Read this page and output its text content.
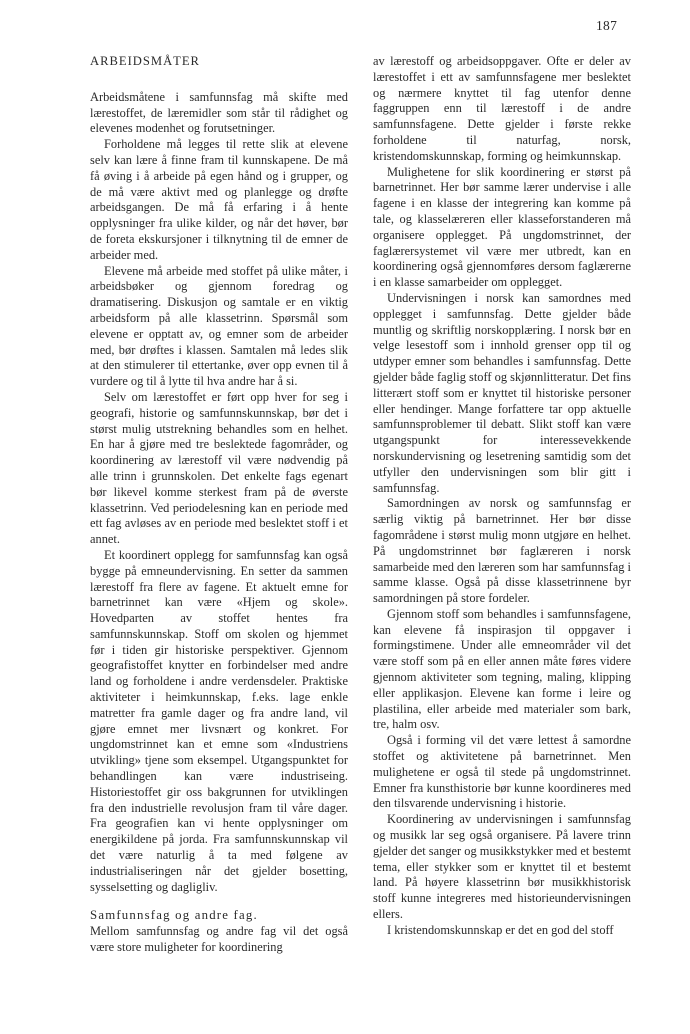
187
ARBEIDSMÅTER

Arbeidsmåtene i samfunnsfag må skifte med lærestoffet, de læremidler som står til rådighet og elevenes modenhet og forutsetninger.

Forholdene må legges til rette slik at elevene selv kan lære å finne fram til kunnskapene. De må få øving i å arbeide på egen hånd og i grupper, og de må være aktivt med og planlegge og drøfte arbeidsgangen. De må få erfaring i å hente opplysninger fra ulike kilder, og når det høver, bør de foreta ekskursjoner i tilknytning til de emner de arbeider med.

Elevene må arbeide med stoffet på ulike måter, i arbeidsbøker og gjennom foredrag og dramatisering. Diskusjon og samtale er en viktig arbeidsform på alle klassetrinn. Spørsmål som elevene er opptatt av, og emner som de arbeider med, bør drøftes i klassen. Samtalen må ledes slik at den stimulerer til ettertanke, øver opp evnen til å vurdere og til å lytte til hva andre har å si.

Selv om lærestoffet er ført opp hver for seg i geografi, historie og samfunnskunnskap, bør det i størst mulig utstrekning behandles som en helhet. En har å gjøre med tre beslektede fagområder, og koordinering av lærestoff vil være nødvendig på alle trinn i grunnskolen. Det enkelte fags egenart bør likevel komme sterkest fram på de øverste klassetrinn. Ved periodelesning kan en periode med ett fag avløses av en periode med beslektet stoff i et annet.

Et koordinert opplegg for samfunnsfag kan også bygge på emneundervisning. En setter da sammen lærestoff fra flere av fagene. Et aktuelt emne for barnetrinnet kan være «Hjem og skole». Hovedparten av stoffet hentes fra samfunnskunnskap. Stoff om skolen og hjemmet før i tiden gir historiske perspektiver. Gjennom geografistoffet knytter en forbindelser med andre land og forholdene i andre verdensdeler. Praktiske aktiviteter i heimkunnskap, f.eks. lage enkle matretter fra gamle dager og fra andre land, vil gjøre emnet mer livsnært og konkret. For ungdomstrinnet kan et emne som «Industriens utvikling» tjene som eksempel. Utgangspunktet for behandlingen kan være industriseing. Historiestoffet gir oss bakgrunnen for utviklingen fra den industrielle revolusjon fram til våre dager. Fra geografien kan vi hente opplysninger om energikildene på jorda. Fra samfunnskunnskap vil det være naturlig å ta med følgene av industrialiseringen når det gjelder bosetting, sysselsetting og dagligliv.

Samfunnsfag og andre fag.

Mellom samfunnsfag og andre fag vil det også være store muligheter for koordinering

av lærestoff og arbeidsoppgaver. Ofte er deler av lærestoffet i ett av samfunnsfagene mer beslektet og nærmere knyttet til fag utenfor denne faggruppen enn til lærestoff i de andre samfunnsfagene. Dette gjelder i første rekke forholdene til naturfag, norsk, kristendomskunnskap, forming og heimkunnskap.

Mulighetene for slik koordinering er størst på barnetrinnet. Her bør samme lærer undervise i alle fagene i en klasse der integrering kan komme på tale, og klasselæreren eller klasseforstanderen må organisere opplegget. På ungdomstrinnet, der faglærersystemet vil være mer utbredt, kan en koordinering også gjennomføres dersom faglærerne i en klasse samarbeider om opplegget.

Undervisningen i norsk kan samordnes med opplegget i samfunnsfag. Dette gjelder både muntlig og skriftlig norskopplæring. I norsk bør en velge lesestoff som i innhold grenser opp til og utdyper emner som behandles i samfunnsfag. Dette gjelder både faglig stoff og skjønnlitteratur. Det fins litterært stoff som er knyttet til historiske personer eller hendinger. Mange forfattere tar opp aktuelle samfunnsproblemer til debatt. Slikt stoff kan være utgangspunkt for interessevekkende norskundervisning og lesetrening samtidig som det utfyller den undervisningen som blir gitt i samfunnsfag.

Samordningen av norsk og samfunnsfag er særlig viktig på barnetrinnet. Her bør disse fagområdene i størst mulig monn utgjøre en helhet. På ungdomstrinnet bør faglæreren i norsk samarbeide med den læreren som har samfunnsfag i samme klasse. Også på disse klassetrinnene byr samordningen på store fordeler.

Gjennom stoff som behandles i samfunnsfagene, kan elevene få inspirasjon til oppgaver i formingstimene. Under alle emneområder vil det være stoff som på en eller annen måte føres videre gjennom aktiviteter som tegning, maling, klipping eller applikasjon. Elevene kan forme i leire og plastilina, eller arbeide med materialer som bark, tre, halm osv.

Også i forming vil det være lettest å samordne stoffet og aktivitetene på barnetrinnet. Men mulighetene er også til stede på ungdomstrinnet. Emner fra kunsthistorie bør kunne koordineres med den tilsvarende undervisning i historie.

Koordinering av undervisningen i samfunnsfag og musikk lar seg også organisere. På lavere trinn gjelder det sanger og musikkstykker med et bestemt tema, eller stykker som er knyttet til et bestemt land. På høyere klassetrinn bør musikkhistorisk stoff kunne integreres med historieundervisningen ellers.

I kristendomskunnskap er det en god del stoff
